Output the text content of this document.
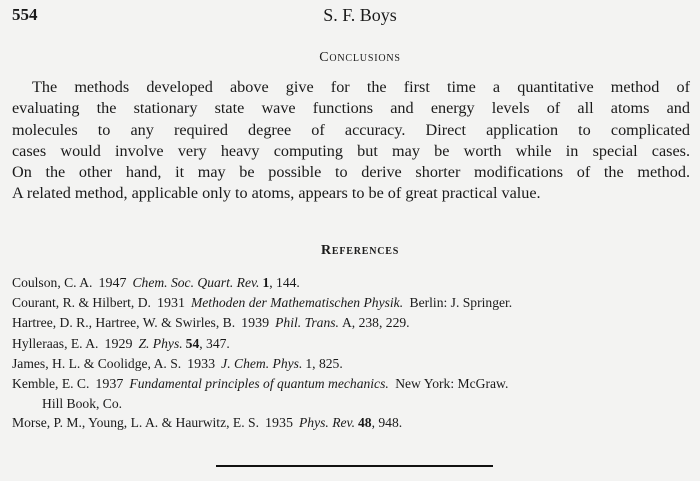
554	S. F. Boys
Conclusions
The methods developed above give for the first time a quantitative method of
evaluating the stationary state wave functions and energy levels of all atoms and
molecules to any required degree of accuracy. Direct application to complicated
cases would involve very heavy computing but may be worth while in special cases.
On the other hand, it may be possible to derive shorter modifications of the method.
A related method, applicable only to atoms, appears to be of great practical value.
References
Coulson, C. A. 1947 Chem. Soc. Quart. Rev. 1, 144.
Courant, R. & Hilbert, D. 1931 Methoden der Mathematischen Physik. Berlin: J. Springer.
Hartree, D. R., Hartree, W. & Swirles, B. 1939 Phil. Trans. A, 238, 229.
Hylleraas, E. A. 1929 Z. Phys. 54, 347.
James, H. L. & Coolidge, A. S. 1933 J. Chem. Phys. 1, 825.
Kemble, E. C. 1937 Fundamental principles of quantum mechanics. New York: McGraw.
Hill Book, Co.
Morse, P. M., Young, L. A. & Haurwitz, E. S. 1935 Phys. Rev. 48, 948.
